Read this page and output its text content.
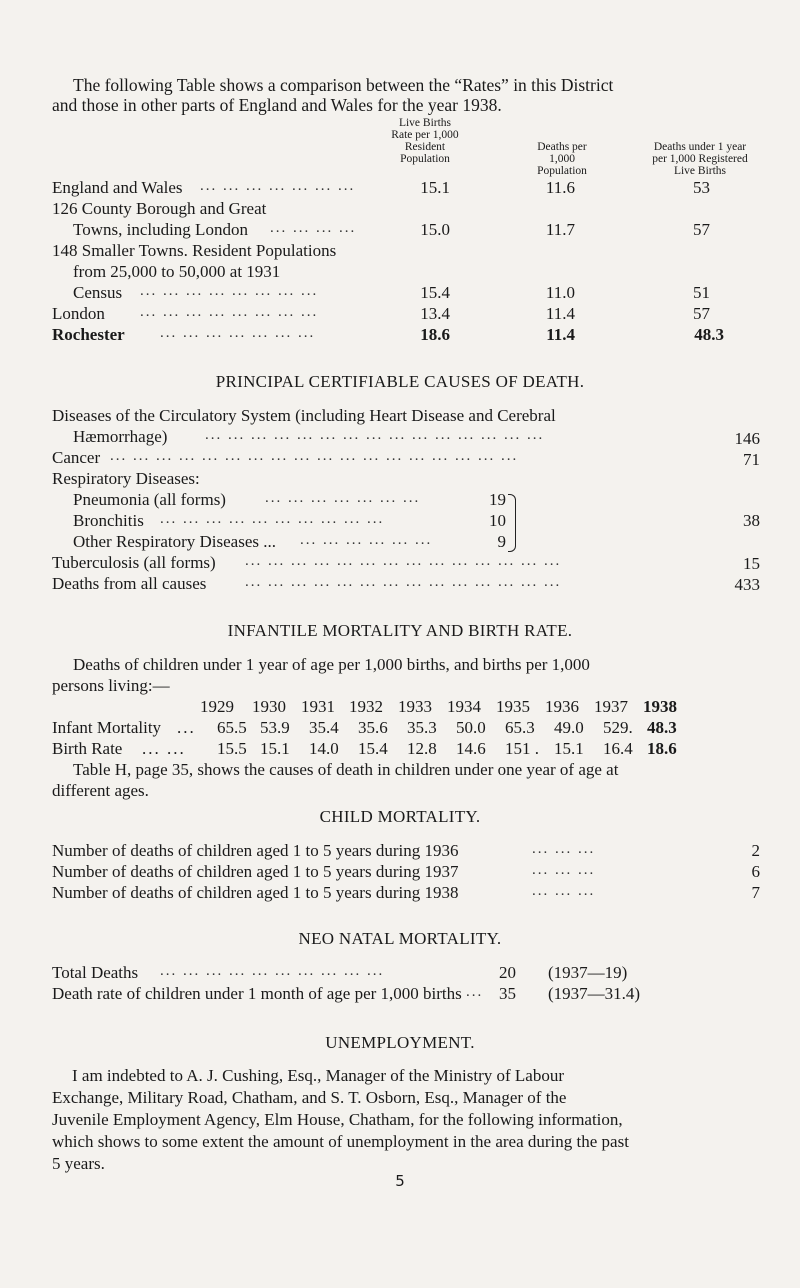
The following Table shows a comparison between the “Rates” in this District
and those in other parts of England and Wales for the year 1938.
Live Births
Rate per 1,000
Resident
Population
Deaths per
1,000
Population
Deaths under 1 year
per 1,000 Registered
Live Births
England and Wales ... ... ... ... ... ... ...	15.1	11.6	53
126 County Borough and Great
Towns, including London ... ... ... ...	15.0	11.7	57
148 Smaller Towns. Resident Populations
from 25,000 to 50,000 at 1931
Census ... ... ... ... ... ... ... ...	15.4	11.0	51
London ... ... ... ... ... ... ... ...	13.4	11.4	57
Rochester ... ... ... ... ... ... ...	18.6	11.4	48.3
PRINCIPAL CERTIFIABLE CAUSES OF DEATH.
Diseases of the Circulatory System (including Heart Disease and Cerebral
Hæmorrhage)	... ... ... ... ... ... ... ... ... ... ... ... ... ... ...	146
Cancer ... ... ... ... ... ... ... ... ... ... ... ... ... ... ... ... ... ...	71
Respiratory Diseases:
Pneumonia (all forms)	... ... ... ... ... ... ...	19
Bronchitis ... ... ... ... ... ... ... ... ... ...	10
Other Respiratory Diseases ... ... ... ... ... ... ...	9
38
Tuberculosis (all forms) ... ... ... ... ... ... ... ... ... ... ... ... ... ...	15
Deaths from all causes	... ... ... ... ... ... ... ... ... ... ... ... ... ...	433
INFANTILE MORTALITY AND BIRTH RATE.
Deaths of children under 1 year of age per 1,000 births, and births per 1,000
persons living:—
1929 1930 1931 1932 1933 1934 1935 1936 1937 1938
Infant Mortality ... 65.5 53.9 35.4 35.6 35.3 50.0 65.3 49.0 529. 48.3
Birth Rate ... ... 15.5 15.1 14.0 15.4 12.8 14.6 151 . 15.1 16.4 18.6
Table H, page 35, shows the causes of death in children under one year of age at
different ages.
CHILD MORTALITY.
Number of deaths of children aged 1 to 5 years during 1936	... ... ...	2
Number of deaths of children aged 1 to 5 years during 1937	... ... ...	6
Number of deaths of children aged 1 to 5 years during 1938	... ... ...	7
NEO NATAL MORTALITY.
Total Deaths ... ... ... ... ... ... ... ... ... ...	20 (1937—19)
Death rate of children under 1 month of age per 1,000 births ... 35 (1937—31.4)
UNEMPLOYMENT.
I am indebted to A. J. Cushing, Esq., Manager of the Ministry of Labour
Exchange, Military Road, Chatham, and S. T. Osborn, Esq., Manager of the
Juvenile Employment Agency, Elm House, Chatham, for the following information,
which shows to some extent the amount of unemployment in the area during the past
5 years.
5
